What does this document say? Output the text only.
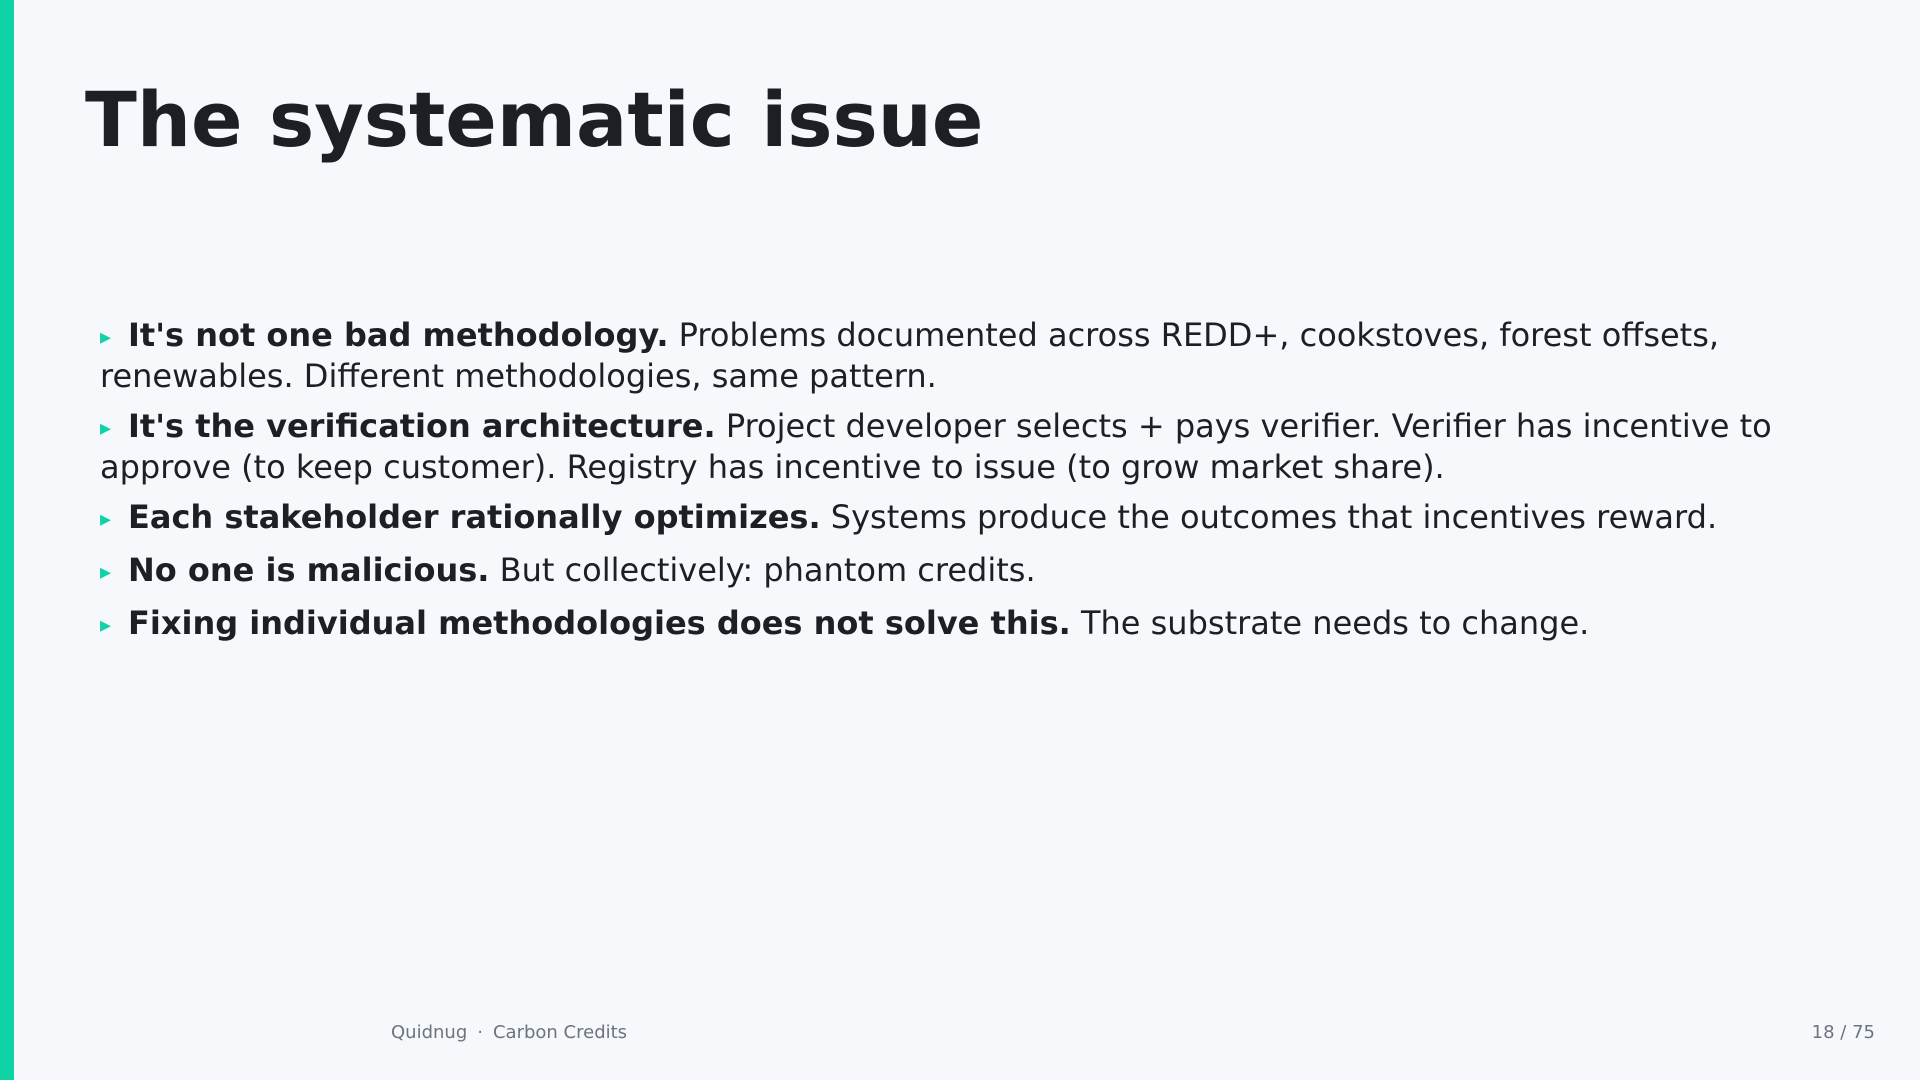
The systematic issue
▸ It's not one bad methodology. Problems documented across REDD+, cookstoves, forest offsets, renewables. Different methodologies, same pattern.
▸ It's the verification architecture. Project developer selects + pays verifier. Verifier has incentive to approve (to keep customer). Registry has incentive to issue (to grow market share).
▸ Each stakeholder rationally optimizes. Systems produce the outcomes that incentives reward.
▸ No one is malicious. But collectively: phantom credits.
▸ Fixing individual methodologies does not solve this. The substrate needs to change.
Quidnug · Carbon Credits	18 / 75
